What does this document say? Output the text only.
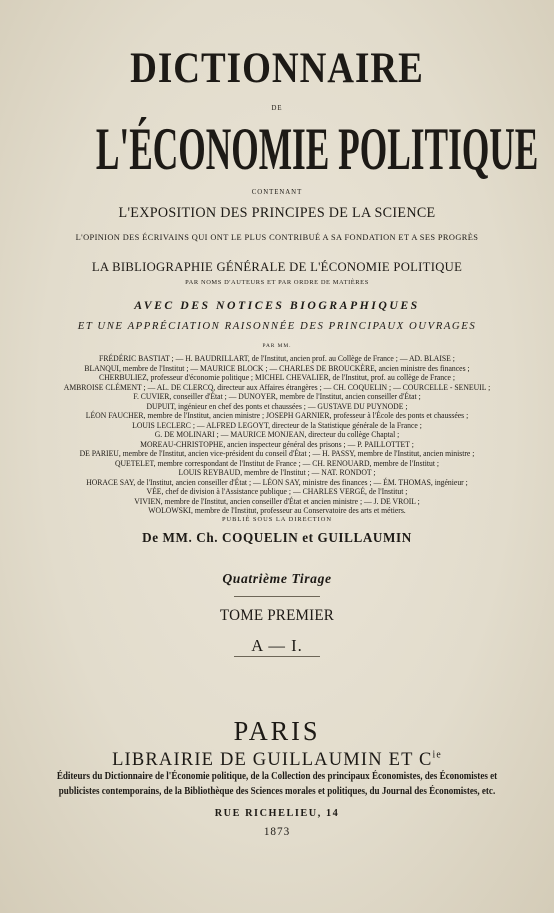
DICTIONNAIRE
DE
L'ÉCONOMIE POLITIQUE
CONTENANT
L'EXPOSITION DES PRINCIPES DE LA SCIENCE
L'OPINION DES ÉCRIVAINS QUI ONT LE PLUS CONTRIBUÉ A SA FONDATION ET A SES PROGRÈS
LA BIBLIOGRAPHIE GÉNÉRALE DE L'ÉCONOMIE POLITIQUE
PAR NOMS D'AUTEURS ET PAR ORDRE DE MATIÈRES
AVEC DES NOTICES BIOGRAPHIQUES
ET UNE APPRÉCIATION RAISONNÉE DES PRINCIPAUX OUVRAGES
PAR MM.
FRÉDÉRIC BASTIAT ; — H. BAUDRILLART, de l'Institut, ancien prof. au Collège de France ; — AD. BLAISE ;
BLANQUI, membre de l'Institut ; — MAURICE BLOCK ; — CHARLES DE BROUCKÈRE, ancien ministre des finances ;
CHERBULIEZ, professeur d'économie politique ; MICHEL CHEVALIER, de l'Institut, prof. au collège de France ;
AMBROISE CLÉMENT ; — AL. DE CLERCQ, directeur aux Affaires étrangères ; — CH. COQUELIN ; — COURCELLE - SENEUIL ;
F. CUVIER, conseiller d'État ; — DUNOYER, membre de l'Institut, ancien conseiller d'État ;
DUPUIT, ingénieur en chef des ponts et chaussées ; — GUSTAVE DU PUYNODE ;
LÉON FAUCHER, membre de l'Institut, ancien ministre ; JOSEPH GARNIER, professeur à l'École des ponts et chaussées ;
LOUIS LECLERC ; — ALFRED LEGOYT, directeur de la Statistique générale de la France ;
G. DE MOLINARI ; — MAURICE MONJEAN, directeur du collège Chaptal ;
MOREAU-CHRISTOPHE, ancien inspecteur général des prisons ; — P. PAILLOTTET ;
DE PARIEU, membre de l'Institut, ancien vice-président du conseil d'État ; — H. PASSY, membre de l'Institut, ancien ministre ;
QUETELET, membre correspondant de l'Institut de France ; — CH. RENOUARD, membre de l'Institut ;
LOUIS REYBAUD, membre de l'Institut ; — NAT. RONDOT ;
HORACE SAY, de l'Institut, ancien conseiller d'État ; — LÉON SAY, ministre des finances ; — ÉM. THOMAS, ingénieur ;
VÉE, chef de division à l'Assistance publique ; — CHARLES VERGÉ, de l'Institut ;
VIVIEN, membre de l'Institut, ancien conseiller d'État et ancien ministre ; — J. DE VROIL ;
WOLOWSKI, membre de l'Institut, professeur au Conservatoire des arts et métiers.
PUBLIÉ SOUS LA DIRECTION
De MM. Ch. COQUELIN et GUILLAUMIN
Quatrième Tirage
TOME PREMIER
A — I.
PARIS
LIBRAIRIE DE GUILLAUMIN ET $C^{ie}$
Éditeurs du Dictionnaire de l'Économie politique, de la Collection des principaux Économistes, des Économistes et
publicistes contemporains, de la Bibliothèque des Sciences morales et politiques, du Journal des Économistes, etc.
RUE RICHELIEU, 14
1873
